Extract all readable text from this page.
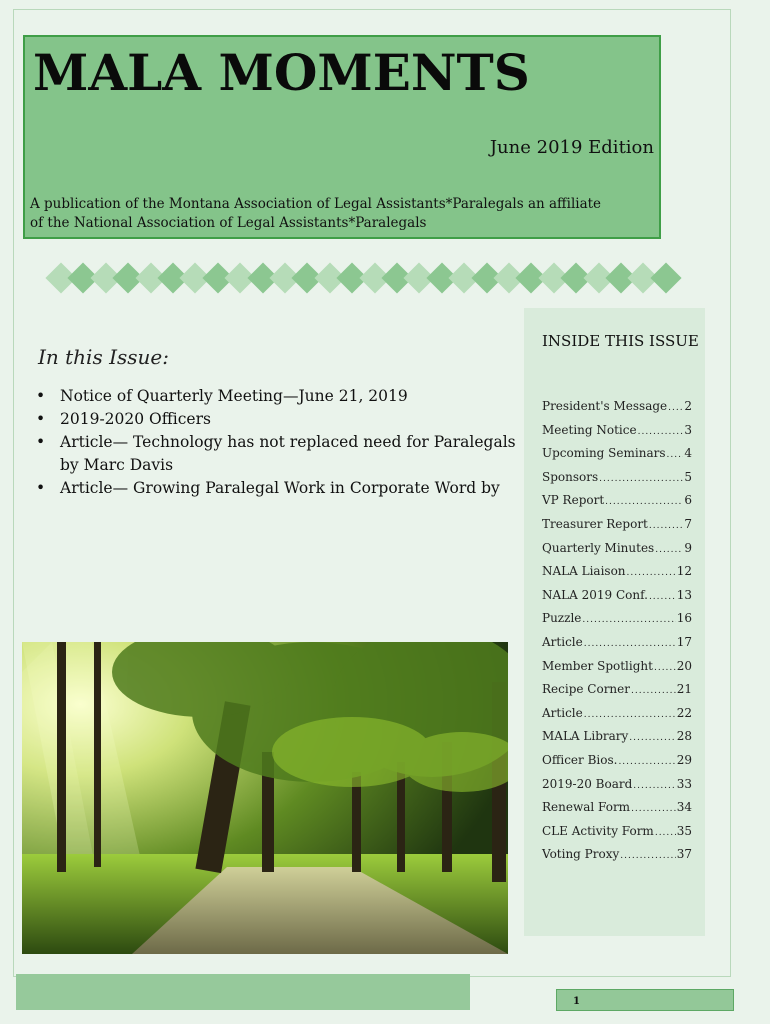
MALA MOMENTS
June 2019 Edition
A publication of the Montana Association of Legal Assistants*Paralegals an affiliate
of the National Association of Legal Assistants*Paralegals
In this Issue:
• Notice of Quarterly Meeting—June 21, 2019
• 2019-2020 Officers
• Article— Technology has not replaced need for Paralegals by Marc Davis
• Article— Growing Paralegal Work in Corporate Word by
INSIDE THIS ISSUE
President's Message ..... 2
Meeting Notice .....	3
Upcoming Seminars ..... 4
Sponsors .....	5
VP Report .....	6
Treasurer Report .....	7
Quarterly Minutes .....	9
NALA Liaison .....	12
NALA 2019 Conf. ..... 13
Puzzle .....	16
Article .....	17
Member Spotlight ..... 20
Recipe Corner .....	21
Article .....	22
MALA Library .....	28
Officer Bios. .....	29
2019-20 Board .....	33
Renewal Form .....	34
CLE Activity Form ..... 35
Voting Proxy .....	37
1
